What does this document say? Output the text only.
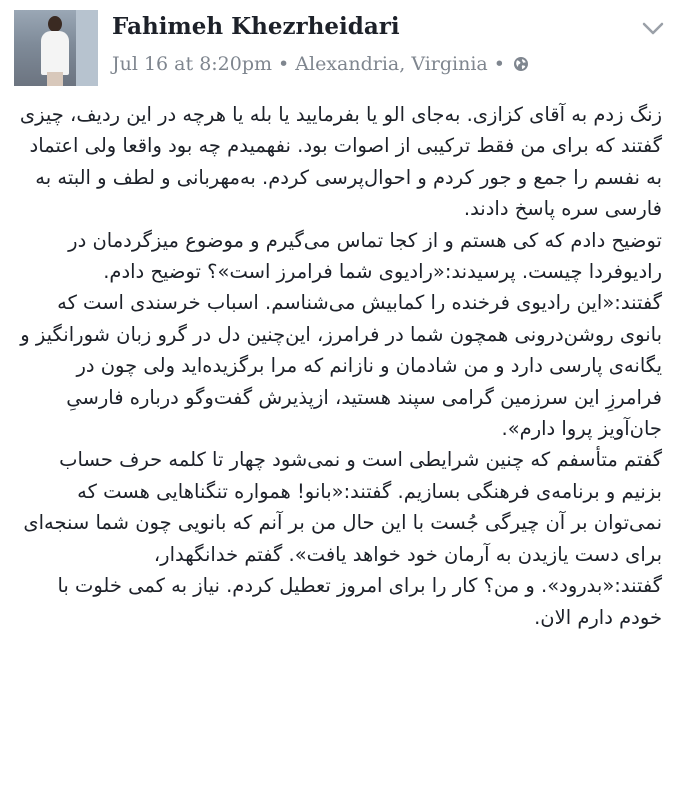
Fahimeh Khezrheidari
Jul 16 at 8:20pm • Alexandria, Virginia •

زنگ زدم به آقای کزازی. به‌جای الو یا بفرمایید یا بله یا هرچه در این ردیف، چیزی گفتند که برای من فقط ترکیبی از اصوات بود. نفهمیدم چه بود واقعا ولی اعتماد به نفسم را جمع و جور کردم و احوال‌پرسی کردم. به‌مهربانی و لطف و البته به فارسی سره پاسخ دادند.

توضیح دادم که کی هستم و از کجا تماس می‌گیرم و موضوع میزگردمان در رادیوفردا چیست. پرسیدند:«رادیوی شما فرامرز است»؟ توضیح دادم. گفتند:«این رادیوی فرخنده را کمابیش می‌شناسم. اسباب خرسندی است که بانوی روشن‌درونی همچون شما در فرامرز، این‌چنین دل در گرو زبان شورانگیز و یگانه‌ی پارسی دارد و من شادمان و نازانم که مرا برگزیده‌اید ولی چون در فرامرزِ این سرزمین گرامی سپند هستید، ازپذیرش گفت‌وگو درباره فارسیِ جان‌آویز پروا دارم».

گفتم متأسفم که چنین شرایطی است و نمی‌شود چهار تا کلمه حرف حساب بزنیم و برنامه‌ی فرهنگی بسازیم. گفتند:«بانو! همواره تنگناهایی هست که نمی‌توان بر آن چیرگی جُست با این حال من بر آنم که بانویی چون شما سنجه‌ای برای دست یازیدن به آرمان خود خواهد یافت». گفتم خدانگهدار،

گفتند:«بدرود». و من؟ کار را برای امروز تعطیل کردم. نیاز به کمی خلوت با خودم دارم الان.
